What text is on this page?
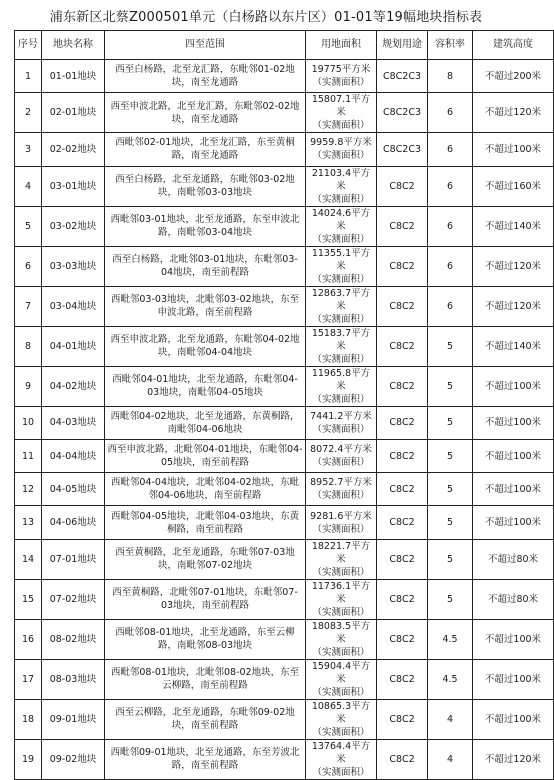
浦东新区北蔡Z000501单元（白杨路以东片区）01-01等19幅地块指标表
序号	地块名称	四至范围	用地面积	规划用途	容积率	建筑高度
1	01-01地块	西至白杨路，北至龙汇路，东毗邻01-02地块，南至龙通路	19775平方米
（实测面积）	C8C2C3	8	不超过200米
2	02-01地块	西至申波北路，北至龙汇路，东毗邻02-02地块，南至龙通路	15807.1平方米
（实测面积）	C8C2C3	6	不超过120米
3	02-02地块	西毗邻02-01地块，北至龙汇路，东至黄桐路，南至龙通路	9959.8平方米
（实测面积）	C8C2C3	6	不超过100米
4	03-01地块	西至白杨路，北至龙通路，东毗邻03-02地块，南毗邻03-03地块	21103.4平方米
（实测面积）	C8C2	6	不超过160米
5	03-02地块	西毗邻03-01地块，北至龙通路，东至申波北路，南毗邻03-04地块	14024.6平方米
（实测面积）	C8C2	6	不超过140米
6	03-03地块	西至白杨路，北毗邻03-01地块，东毗邻03-04地块，南至前程路	11355.1平方米
（实测面积）	C8C2	6	不超过120米
7	03-04地块	西毗邻03-03地块，北毗邻03-02地块，东至申波北路，南至前程路	12863.7平方米
（实测面积）	C8C2	6	不超过120米
8	04-01地块	西至申波北路，北至龙通路，东毗邻04-02地块，南毗邻04-04地块	15183.7平方米
（实测面积）	C8C2	5	不超过140米
9	04-02地块	西毗邻04-01地块，北至龙通路，东毗邻04-03地块，南毗邻04-05地块	11965.8平方米
（实测面积）	C8C2	5	不超过100米
10	04-03地块	西毗邻04-02地块，北至龙通路，东黄桐路，南毗邻04-06地块	7441.2平方米
（实测面积）	C8C2	5	不超过100米
11	04-04地块	西至申波北路，北毗邻04-01地块，东毗邻04-05地块，南至前程路	8072.4平方米
（实测面积）	C8C2	5	不超过100米
12	04-05地块	西毗邻04-04地块，北毗邻04-02地块，东毗邻04-06地块，南至前程路	8952.7平方米
（实测面积）	C8C2	5	不超过100米
13	04-06地块	西毗邻04-05地块，北毗邻04-03地块，东黄桐路，南至前程路	9281.6平方米
（实测面积）	C8C2	5	不超过100米
14	07-01地块	西至黄桐路，北至龙通路，东毗邻07-03地块，南毗邻07-02地块	18221.7平方米
（实测面积）	C8C2	5	不超过80米
15	07-02地块	西至黄桐路，北毗邻07-01地块，东毗邻07-03地块，南至前程路	11736.1平方米
（实测面积）	C8C2	5	不超过80米
16	08-02地块	西毗邻08-01地块，北至龙通路，东至云柳路，南毗邻08-03地块	18083.5平方米
（实测面积）	C8C2	4.5	不超过100米
17	08-03地块	西毗邻08-01地块，北毗邻08-02地块，东至云柳路，南至前程路	15904.4平方米
（实测面积）	C8C2	4.5	不超过100米
18	09-01地块	西至云柳路，北至龙通路，东毗邻09-02地块，南至前程路	10865.3平方米
（实测面积）	C8C2	4	不超过100米
19	09-02地块	西毗邻09-01地块，北至龙通路，东至芳波北路，南至前程路	13764.4平方米
（实测面积）	C8C2	4	不超过120米
